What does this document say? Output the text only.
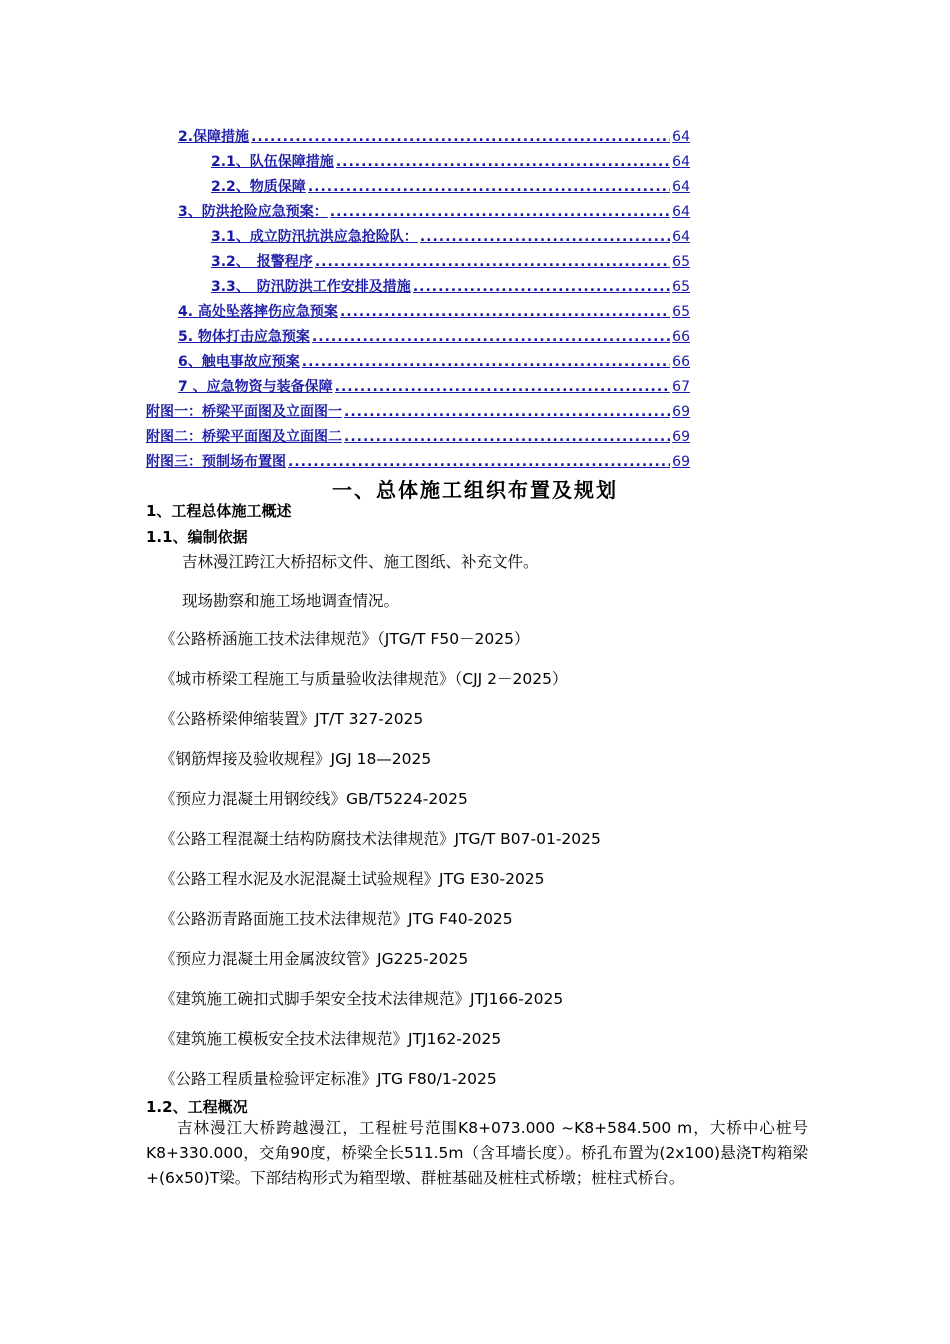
2.保障措施 .....	64
2.1、队伍保障措施 .....	64
2.2、物质保障 .....	64
3、防洪抢险应急预案： .....	64
3.1、成立防汛抗洪应急抢险队： .....	64
3.2、　报警程序 .....	65
3.3、　防汛防洪工作安排及措施 .....	65
4. 高处坠落摔伤应急预案 .....	65
5. 物体打击应急预案 .....	66
6、触电事故应预案 .....	66
7 、应急物资与装备保障 .....	67
附图一：桥梁平面图及立面图一 .....	69
附图二：桥梁平面图及立面图二 .....	69
附图三：预制场布置图 .....	69
一、总体施工组织布置及规划
1、工程总体施工概述
1.1、编制依据
吉林漫江跨江大桥招标文件、施工图纸、补充文件。
现场勘察和施工场地调查情况。
《公路桥涵施工技术法律规范》（JTG/T F50－2025）
《城市桥梁工程施工与质量验收法律规范》（CJJ 2－2025）
《公路桥梁伸缩装置》JT/T 327-2025
《钢筋焊接及验收规程》JGJ 18—2025
《预应力混凝土用钢绞线》GB/T5224-2025
《公路工程混凝土结构防腐技术法律规范》JTG/T B07-01-2025
《公路工程水泥及水泥混凝土试验规程》JTG E30-2025
《公路沥青路面施工技术法律规范》JTG F40-2025
《预应力混凝土用金属波纹管》JG225-2025
《建筑施工碗扣式脚手架安全技术法律规范》JTJ166-2025
《建筑施工模板安全技术法律规范》JTJ162-2025
《公路工程质量检验评定标准》JTG F80/1-2025
1.2、工程概况
吉林漫江大桥跨越漫江，工程桩号范围K8+073.000 ~K8+584.500 m，大桥中心桩号K8+330.000，交角90度，桥梁全长511.5m（含耳墙长度）。桥孔布置为(2x100)悬浇T构箱梁+(6x50)T梁。下部结构形式为箱型墩、群桩基础及桩柱式桥墩；桩柱式桥台。
